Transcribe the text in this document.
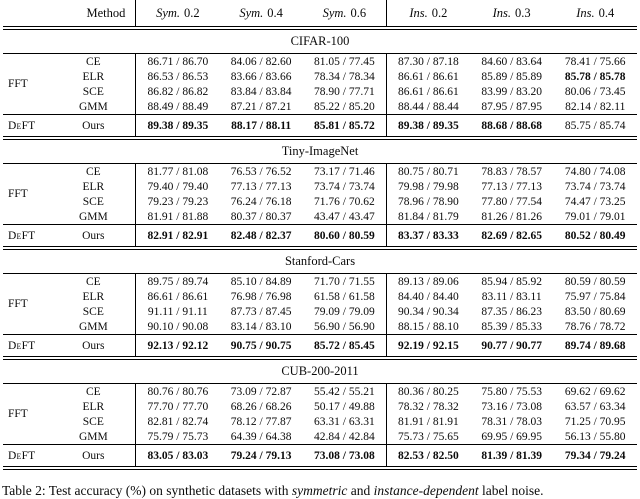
Method		Sym. 0.2	Sym. 0.4	Sym. 0.6	Ins. 0.2	Ins. 0.3	Ins. 0.4
CIFAR-100							
FFT	CE	86.71 / 86.70	84.06 / 82.60	81.05 / 77.45	87.30 / 87.18	84.60 / 83.64	78.41 / 75.66
	ELR	86.53 / 86.53	83.66 / 83.66	78.34 / 78.34	86.61 / 86.61	85.89 / 85.89	85.78 / 85.78
	SCE	86.82 / 86.82	83.84 / 83.84	78.90 / 77.71	86.61 / 86.61	83.99 / 83.20	80.06 / 73.45
	GMM	88.49 / 88.49	87.21 / 87.21	85.22 / 85.20	88.44 / 88.44	87.95 / 87.95	82.14 / 82.11
DeFT	Ours	89.38 / 89.35	88.17 / 88.11	85.81 / 85.72	89.38 / 89.35	88.68 / 88.68	85.75 / 85.74
Tiny-ImageNet							
FFT	CE	81.77 / 81.08	76.53 / 76.52	73.17 / 71.46	80.75 / 80.71	78.83 / 78.57	74.80 / 74.08
	ELR	79.40 / 79.40	77.13 / 77.13	73.74 / 73.74	79.98 / 79.98	77.13 / 77.13	73.74 / 73.74
	SCE	79.23 / 79.23	76.24 / 76.18	71.76 / 70.62	78.96 / 78.90	77.80 / 77.54	74.47 / 73.25
	GMM	81.91 / 81.88	80.37 / 80.37	43.47 / 43.47	81.84 / 81.79	81.26 / 81.26	79.01 / 79.01
DeFT	Ours	82.91 / 82.91	82.48 / 82.37	80.60 / 80.59	83.37 / 83.33	82.69 / 82.65	80.52 / 80.49
Stanford-Cars							
FFT	CE	89.75 / 89.74	85.10 / 84.89	71.70 / 71.55	89.13 / 89.06	85.94 / 85.92	80.59 / 80.59
	ELR	86.61 / 86.61	76.98 / 76.98	61.58 / 61.58	84.40 / 84.40	83.11 / 83.11	75.97 / 75.84
	SCE	91.11 / 91.11	87.73 / 87.45	79.09 / 79.09	90.34 / 90.34	87.35 / 86.23	83.50 / 80.69
	GMM	90.10 / 90.08	83.14 / 83.10	56.90 / 56.90	88.15 / 88.10	85.39 / 85.33	78.76 / 78.72
DeFT	Ours	92.13 / 92.12	90.75 / 90.75	85.72 / 85.45	92.19 / 92.15	90.77 / 90.77	89.74 / 89.68
CUB-200-2011							
FFT	CE	80.76 / 80.76	73.09 / 72.87	55.42 / 55.21	80.36 / 80.25	75.80 / 75.53	69.62 / 69.62
	ELR	77.70 / 77.70	68.26 / 68.26	50.17 / 49.88	78.32 / 78.32	73.16 / 73.08	63.57 / 63.34
	SCE	82.81 / 82.74	78.12 / 77.87	63.31 / 63.31	81.91 / 81.91	78.31 / 78.03	71.25 / 70.95
	GMM	75.79 / 75.73	64.39 / 64.38	42.84 / 42.84	75.73 / 75.65	69.95 / 69.95	56.13 / 55.80
DeFT	Ours	83.05 / 83.03	79.24 / 79.13	73.08 / 73.08	82.53 / 82.50	81.39 / 81.39	79.34 / 79.24
Table 2: Test accuracy (%) on synthetic datasets with symmetric and instance-dependent label noise.
